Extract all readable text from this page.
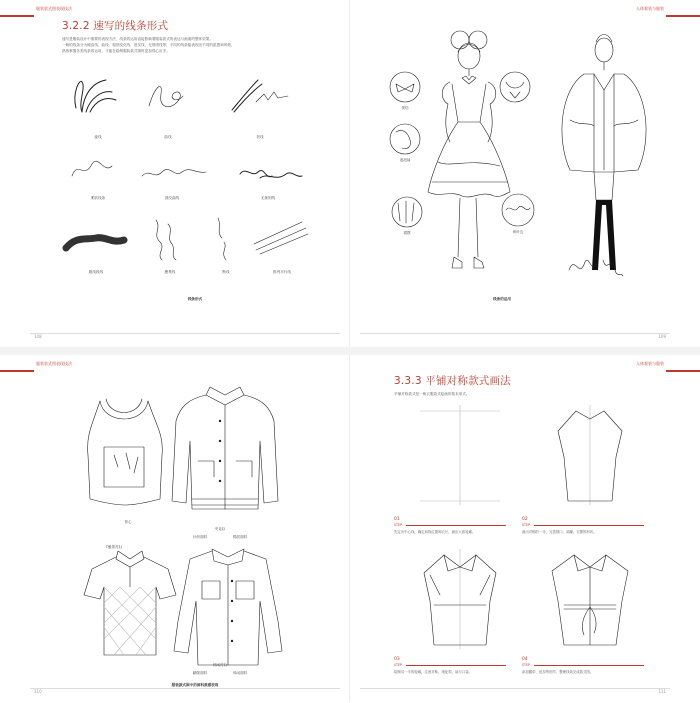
服装款式图表现技法
3.2.2 速写的线条形式
速写是服装设计中重要的表现方法，线条的运用直接影响着服装款式的表达与画面的整体效果。
一般的线条分为硬直线、曲线、粗细变化线、虚实线、无规则线等，不同的线条能表现出不同的质感和风格，
熟练掌握各类线条的运用，才能在绘制服装款式图时更加得心应手。
旋线	曲线	折线
柔软线条	波纹曲线	无规则线
粗线段线	聚集线	断线	排列平行线
线条形式
108
人体着装与服装
领结
泡泡袖
裙摆	荷叶边
线条的运用
109
服装款式图表现技法
背心
夹克衫
针织面料	棉质面料
T恤领衬衫
休闲衬衫
翻领面料	休闲面料
服装款式图中的面料质感表现
110
人体着装与服装
3.3.3 平铺对称款式画法
平铺对称款式是一般衣服款式绘画的基本形式。
01
STEP
先定出中心线，确定肩线位置和衣长，画出大致轮廓。
02
STEP
画出对称的一半，完善领口、袖窿、衣摆的形状。
03
STEP
绘制另一半的轮廓，注意对称，细化领、袖与口袋。
04
STEP
添加腰带、纽扣等细节，整理线条完成款式图。
111
